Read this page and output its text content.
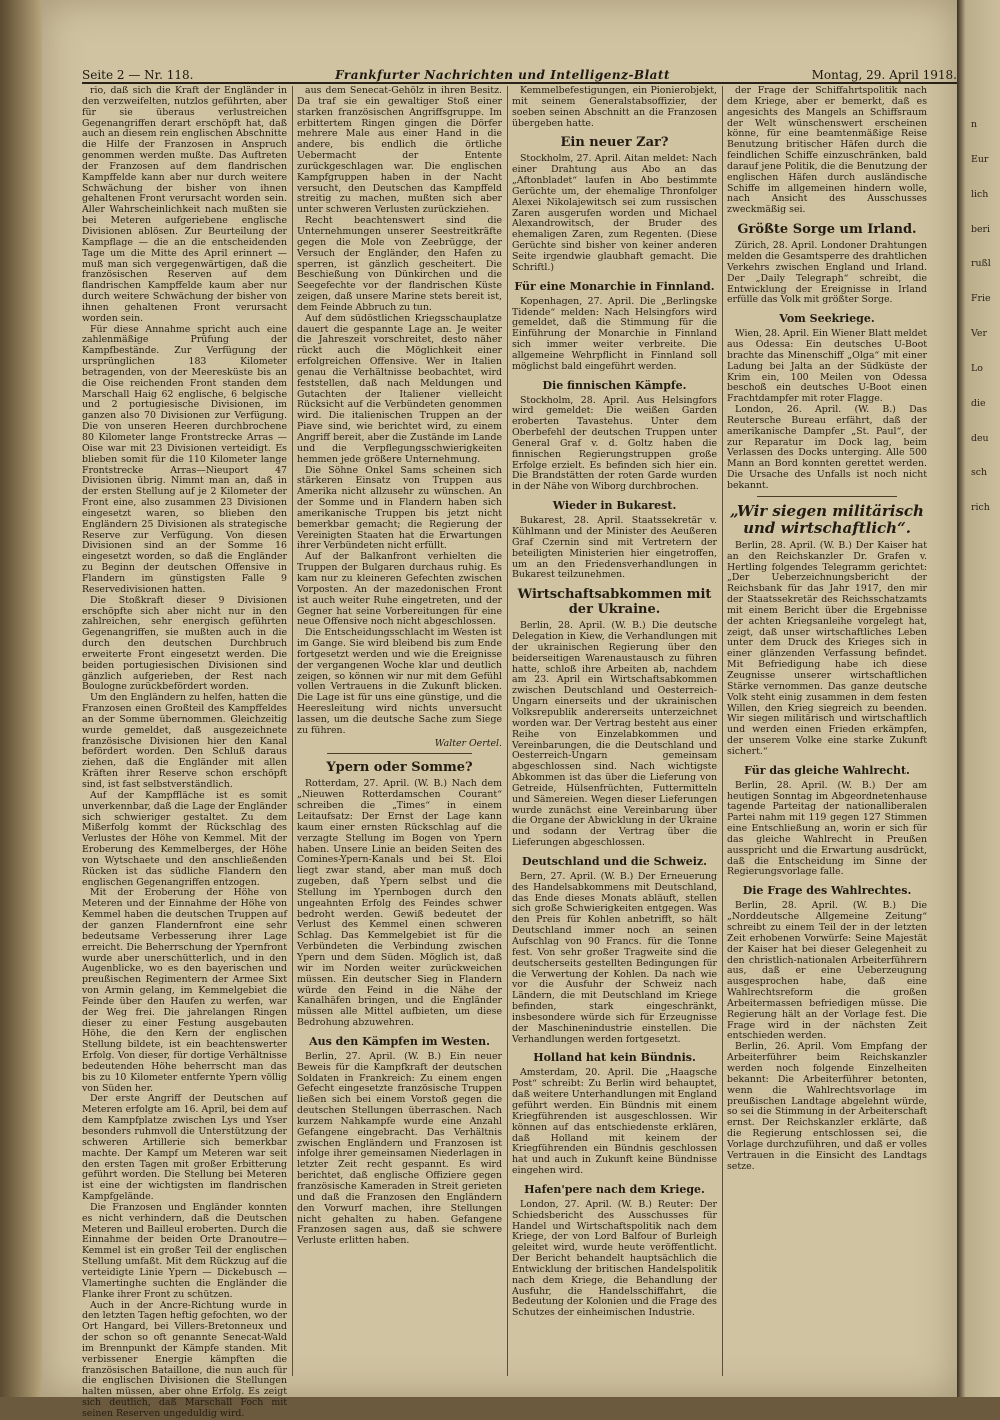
Seite 2 — Nr. 118.	Frankfurter Nachrichten und Intelligenz-Blatt	Montag, 29. April 1918.

rio, daß sich die Kraft der Engländer in den verzweifelten, nutzlos geführten, aber für sie überaus verlustreichen Gegenangriffen derart erschöpft hat, daß auch an diesem rein englischen Abschnitte die Hilfe der Franzosen in Anspruch genommen werden mußte. Das Auftreten der Franzosen auf dem flandrischen Kampffelde kann aber nur durch weitere Schwächung der bisher von ihnen gehaltenen Front verursacht worden sein. Aller Wahrscheinlichkeit nach mußten sie bei Meteren aufgeriebene englische Divisionen ablösen. Zur Beurteilung der Kampflage — die an die entscheidenden Tage um die Mitte des April erinnert — muß man sich vergegenwärtigen, daß die französischen Reserven auf dem flandrischen Kampffelde kaum aber nur durch weitere Schwächung der bisher von ihnen gehaltenen Front verursacht worden sein.

Für diese Annahme spricht auch eine zahlenmäßige Prüfung der Kampfbestände. Zur Verfügung der ursprünglichen 183 Kilometer betragenden, von der Meeresküste bis an die Oise reichenden Front standen dem Marschall Haig 62 englische, 6 belgische und 2 portugiesische Divisionen, im ganzen also 70 Divisionen zur Verfügung. Die von unseren Heeren durchbrochene 80 Kilometer lange Frontstrecke Arras — Oise war mit 23 Divisionen verteidigt. Es blieben somit für die 110 Kilometer lange Frontstrecke Arras—Nieuport 47 Divisionen übrig. Nimmt man an, daß in der ersten Stellung auf je 2 Kilometer der Front eine, also zusammen 23 Divisionen eingesetzt waren, so blieben den Engländern 25 Divisionen als strategische Reserve zur Verfügung. Von diesen Divisionen sind an der Somme 16 eingesetzt worden, so daß die Engländer zu Beginn der deutschen Offensive in Flandern im günstigsten Falle 9 Reservedivisionen hatten.

Die Stoßkraft dieser 9 Divisionen erschöpfte sich aber nicht nur in den zahlreichen, sehr energisch geführten Gegenangriffen, sie mußten auch in die durch den deutschen Durchbruch erweiterte Front eingesetzt werden. Die beiden portugiesischen Divisionen sind gänzlich aufgerieben, der Rest nach Boulogne zurückbefördert worden.

Um den Engländern zu helfen, hatten die Franzosen einen Großteil des Kampffeldes an der Somme übernommen. Gleichzeitig wurde gemeldet, daß ausgezeichnete französische Divisionen hier den Kanal befördert worden. Den Schluß daraus ziehen, daß die Engländer mit allen Kräften ihrer Reserve schon erschöpft sind, ist fast selbstverständlich.

Auf der Kampffläche ist es somit unverkennbar, daß die Lage der Engländer sich schwieriger gestaltet. Zu dem Mißerfolg kommt der Rückschlag des Verlustes der Höhe von Kemmel. Mit der Eroberung des Kemmelberges, der Höhe von Wytschaete und den anschließenden Rücken ist das südliche Flandern den englischen Gegenangriffen entzogen.

Mit der Eroberung der Höhe von Meteren und der Einnahme der Höhe von Kemmel haben die deutschen Truppen auf der ganzen Flandernfront eine sehr bedeutsame Verbesserung ihrer Lage erreicht. Die Beherrschung der Ypernfront wurde aber unerschütterlich, und in den Augenblicke, wo es den bayerischen und preußischen Regimentern der Armee Sixt von Armin gelang, im Kemmelgebiet die Feinde über den Haufen zu werfen, war der Weg frei. Die jahrelangen Ringen dieser zu einer Festung ausgebauten Höhe, die den Kern der englischen Stellung bildete, ist ein beachtenswerter Erfolg. Von dieser, für dortige Verhältnisse bedeutenden Höhe beherrscht man das bis zu 10 Kilometer entfernte Ypern völlig von Süden her.

Der erste Angriff der Deutschen auf Meteren erfolgte am 16. April, bei dem auf dem Kampfplatze zwischen Lys und Yser besonders ruhmvoll die Unterstützung der schweren Artillerie sich bemerkbar machte. Der Kampf um Meteren war seit den ersten Tagen mit großer Erbitterung geführt worden. Die Stellung bei Meteren ist eine der wichtigsten im flandrischen Kampfgelände.

Die Franzosen und Engländer konnten es nicht verhindern, daß die Deutschen Meteren und Bailleul eroberten. Durch die Einnahme der beiden Orte Dranoutre—Kemmel ist ein großer Teil der englischen Stellung umfaßt. Mit dem Rückzug auf die verteidigte Linie Ypern — Dickebusch — Vlamertinghe suchten die Engländer die Flanke ihrer Front zu schützen.

Auch in der Ancre-Richtung wurde in den letzten Tagen heftig gefochten, wo der Ort Hangard, bei Villers-Bretonneux und der schon so oft genannte Senecat-Wald im Brennpunkt der Kämpfe standen. Mit verbissener Energie kämpften die französischen Bataillone, die nun auch für die englischen Divisionen die Stellungen halten müssen, aber ohne Erfolg. Es zeigt sich deutlich, daß Marschall Foch mit seinen Reserven ungeduldig wird.

aus dem Senecat-Gehölz in ihren Besitz. Da traf sie ein gewaltiger Stoß einer starken französischen Angriffsgruppe. Im erbittertem Ringen gingen die Dörfer mehrere Male aus einer Hand in die andere, bis endlich die örtliche Uebermacht der Entente zurückgeschlagen war. Die englischen Kampfgruppen haben in der Nacht versucht, den Deutschen das Kampffeld streitig zu machen, mußten sich aber unter schweren Verlusten zurückziehen.

Recht beachtenswert sind die Unternehmungen unserer Seestreitkräfte gegen die Mole von Zeebrügge, der Versuch der Engländer, den Hafen zu sperren, ist gänzlich gescheitert. Die Beschießung von Dünkirchen und die Seegefechte vor der flandrischen Küste zeigen, daß unsere Marine stets bereit ist, dem Feinde Abbruch zu tun.

Auf dem südöstlichen Kriegsschauplatze dauert die gespannte Lage an. Je weiter die Jahreszeit vorschreitet, desto näher rückt auch die Möglichkeit einer erfolgreichen Offensive. Wer in Italien genau die Verhältnisse beobachtet, wird feststellen, daß nach Meldungen und Gutachten der Italiener vielleicht Rücksicht auf die Verbündeten genommen wird. Die italienischen Truppen an der Piave sind, wie berichtet wird, zu einem Angriff bereit, aber die Zustände im Lande und die Verpflegungsschwierigkeiten hemmen jede größere Unternehmung.

Die Söhne Onkel Sams scheinen sich stärkeren Einsatz von Truppen aus Amerika nicht allzusehr zu wünschen. An der Somme und in Flandern haben sich amerikanische Truppen bis jetzt nicht bemerkbar gemacht; die Regierung der Vereinigten Staaten hat die Erwartungen ihrer Verbündeten nicht erfüllt.

Auf der Balkanfront verhielten die Truppen der Bulgaren durchaus ruhig. Es kam nur zu kleineren Gefechten zwischen Vorposten. An der mazedonischen Front ist auch weiter Ruhe eingetreten, und der Gegner hat seine Vorbereitungen für eine neue Offensive noch nicht abgeschlossen.

Die Entscheidungsschlacht im Westen ist im Gange. Sie wird bleibend bis zum Ende fortgesetzt werden und wie die Ereignisse der vergangenen Woche klar und deutlich zeigen, so können wir nur mit dem Gefühl vollen Vertrauens in die Zukunft blicken. Die Lage ist für uns eine günstige, und die Heeresleitung wird nichts unversucht lassen, um die deutsche Sache zum Siege zu führen.

Walter Oertel.
Ypern oder Somme?

Rotterdam, 27. April. (W. B.) Nach dem „Nieuwen Rotterdamschen Courant“ schreiben die „Times“ in einem Leitaufsatz: Der Ernst der Lage kann kaum einer ernsten Rückschlag auf die verzagte Stellung im Bogen von Ypern haben. Unsere Linie an beiden Seiten des Comines-Ypern-Kanals und bei St. Eloi liegt zwar stand, aber man muß doch zugeben, daß Ypern selbst und die Stellung im Ypernbogen durch den ungeahnten Erfolg des Feindes schwer bedroht werden. Gewiß bedeutet der Verlust des Kemmel einen schweren Schlag. Das Kemmelgebiet ist für die Verbündeten die Verbindung zwischen Ypern und dem Süden. Möglich ist, daß wir im Norden weiter zurückweichen müssen. Ein deutscher Sieg in Flandern würde den Feind in die Nähe der Kanalhäfen bringen, und die Engländer müssen alle Mittel aufbieten, um diese Bedrohung abzuwehren.

Aus den Kämpfen im Westen.

Berlin, 27. April. (W. B.) Ein neuer Beweis für die Kampfkraft der deutschen Soldaten in Frankreich: Zu einem engen Gefecht eingesetzte französische Truppen ließen sich bei einem Vorstoß gegen die deutschen Stellungen überraschen. Nach kurzem Nahkampfe wurde eine Anzahl Gefangene eingebracht. Das Verhältnis zwischen Engländern und Franzosen ist infolge ihrer gemeinsamen Niederlagen in letzter Zeit recht gespannt. Es wird berichtet, daß englische Offiziere gegen französische Kameraden in Streit gerieten und daß die Franzosen den Engländern den Vorwurf machen, ihre Stellungen nicht gehalten zu haben. Gefangene Franzosen sagen aus, daß sie schwere Verluste erlitten haben.

Kemmelbefestigungen, ein Pionierobjekt, mit seinem Generalstabsoffizier, der soeben seinen Abschnitt an die Franzosen übergeben hatte.

Ein neuer Zar?

Stockholm, 27. April. Aitan meldet: Nach einer Drahtung aus Abo an das „Aftonbladet“ laufen in Abo bestimmte Gerüchte um, der ehemalige Thronfolger Alexei Nikolajewitsch sei zum russischen Zaren ausgerufen worden und Michael Alexandrowitsch, der Bruder des ehemaligen Zaren, zum Regenten. (Diese Gerüchte sind bisher von keiner anderen Seite irgendwie glaubhaft gemacht. Die Schriftl.)

Für eine Monarchie in Finnland.

Kopenhagen, 27. April. Die „Berlingske Tidende“ melden: Nach Helsingfors wird gemeldet, daß die Stimmung für die Einführung der Monarchie in Finnland sich immer weiter verbreite. Die allgemeine Wehrpflicht in Finnland soll möglichst bald eingeführt werden.

Die finnischen Kämpfe.

Stockholm, 28. April. Aus Helsingfors wird gemeldet: Die weißen Garden eroberten Tavastehus. Unter dem Oberbefehl der deutschen Truppen unter General Graf v. d. Goltz haben die finnischen Regierungstruppen große Erfolge erzielt. Es befinden sich hier ein. Die Brandstätten der roten Garde wurden in der Nähe von Wiborg durchbrochen.

Wieder in Bukarest.

Bukarest, 28. April. Staatssekretär v. Kühlmann und der Minister des Aeußeren Graf Czernin sind mit Vertretern der beteiligten Ministerien hier eingetroffen, um an den Friedensverhandlungen in Bukarest teilzunehmen.

Wirtschaftsabkommen mit der Ukraine.

Berlin, 28. April. (W. B.) Die deutsche Delegation in Kiew, die Verhandlungen mit der ukrainischen Regierung über den beiderseitigen Warenaustausch zu führen hatte, schloß ihre Arbeiten ab, nachdem am 23. April ein Wirtschaftsabkommen zwischen Deutschland und Oesterreich-Ungarn einerseits und der ukrainischen Volksrepublik andererseits unterzeichnet worden war. Der Vertrag besteht aus einer Reihe von Einzelabkommen und Vereinbarungen, die die Deutschland und Oesterreich-Ungarn gemeinsam abgeschlossen sind. Nach wichtigste Abkommen ist das über die Lieferung von Getreide, Hülsenfrüchten, Futtermitteln und Sämereien. Wegen dieser Lieferungen wurde zunächst eine Vereinbarung über die Organe der Abwicklung in der Ukraine und sodann der Vertrag über die Lieferungen abgeschlossen.

Deutschland und die Schweiz.

Bern, 27. April. (W. B.) Der Erneuerung des Handelsabkommens mit Deutschland, das Ende dieses Monats abläuft, stellen sich große Schwierigkeiten entgegen. Was den Preis für Kohlen anbetrifft, so hält Deutschland immer noch an seinen Aufschlag von 90 Francs. für die Tonne fest. Von sehr großer Tragweite sind die deutscherseits gestellten Bedingungen für die Verwertung der Kohlen. Da nach wie vor die Ausfuhr der Schweiz nach Ländern, die mit Deutschland im Kriege befinden, stark eingeschränkt, insbesondere würde sich für Erzeugnisse der Maschinenindustrie einstellen. Die Verhandlungen werden fortgesetzt.

Holland hat kein Bündnis.

Amsterdam, 20. April. Die „Haagsche Post“ schreibt: Zu Berlin wird behauptet, daß weitere Unterhandlungen mit England geführt werden. Ein Bündnis mit einem Kriegführenden ist ausgeschlossen. Wir können auf das entschiedenste erklären, daß Holland mit keinem der Kriegführenden ein Bündnis geschlossen hat und auch in Zukunft keine Bündnisse eingehen wird.

Hafen'pere nach dem Kriege.

London, 27. April. (W. B.) Reuter: Der Schiedsbericht des Ausschusses für Handel und Wirtschaftspolitik nach dem Kriege, der von Lord Balfour of Burleigh geleitet wird, wurde heute veröffentlicht. Der Bericht behandelt hauptsächlich die Entwicklung der britischen Handelspolitik nach dem Kriege, die Behandlung der Ausfuhr, die Handelsschiffahrt, die Bedeutung der Kolonien und die Frage des Schutzes der einheimischen Industrie.

der Frage der Schiffahrtspolitik nach dem Kriege, aber er bemerkt, daß es angesichts des Mangels an Schiffsraum der Welt wünschenswert erscheinen könne, für eine beamtenmäßige Reise Benutzung britischer Häfen durch die feindlichen Schiffe einzuschränken, bald darauf jene Politik, die die Benutzung der englischen Häfen durch ausländische Schiffe im allgemeinen hindern wolle, nach Ansicht des Ausschusses zweckmäßig sei.

Größte Sorge um Irland.

Zürich, 28. April. Londoner Drahtungen melden die Gesamtsperre des drahtlichen Verkehrs zwischen England und Irland. Der „Daily Telegraph“ schreibt, die Entwicklung der Ereignisse in Irland erfülle das Volk mit größter Sorge.

Vom Seekriege.

Wien, 28. April. Ein Wiener Blatt meldet aus Odessa: Ein deutsches U-Boot brachte das Minenschiff „Olga“ mit einer Ladung bei Jalta an der Südküste der Krim ein, 100 Meilen von Odessa beschoß ein deutsches U-Boot einen Frachtdampfer mit roter Flagge.

London, 26. April. (W. B.) Das Reutersche Bureau erfährt, daß der amerikanische Dampfer „St. Paul“, der zur Reparatur im Dock lag, beim Verlassen des Docks unterging. Alle 500 Mann an Bord konnten gerettet werden. Die Ursache des Unfalls ist noch nicht bekannt.

„Wir siegen militärisch und wirtschaftlich“.

Berlin, 28. April. (W. B.) Der Kaiser hat an den Reichskanzler Dr. Grafen v. Hertling folgendes Telegramm gerichtet: „Der Ueberzeichnungsbericht der Reichsbank für das Jahr 1917, den mir der Staatssekretär des Reichsschatzamts mit einem Bericht über die Ergebnisse der achten Kriegsanleihe vorgelegt hat, zeigt, daß unser wirtschaftliches Leben unter dem Druck des Krieges sich in einer glänzenden Verfassung befindet. Mit Befriedigung habe ich diese Zeugnisse unserer wirtschaftlichen Stärke vernommen. Das ganze deutsche Volk steht einig zusammen in dem festen Willen, den Krieg siegreich zu beenden. Wir siegen militärisch und wirtschaftlich und werden einen Frieden erkämpfen, der unserem Volke eine starke Zukunft sichert.“

Für das gleiche Wahlrecht.

Berlin, 28. April. (W. B.) Der am heutigen Sonntag im Abgeordnetenhause tagende Parteitag der nationalliberalen Partei nahm mit 119 gegen 127 Stimmen eine Entschließung an, worin er sich für das gleiche Wahlrecht in Preußen ausspricht und die Erwartung ausdrückt, daß die Entscheidung im Sinne der Regierungsvorlage falle.

Die Frage des Wahlrechtes.

Berlin, 28. April. (W. B.) Die „Norddeutsche Allgemeine Zeitung“ schreibt zu einem Teil der in der letzten Zeit erhobenen Vorwürfe: Seine Majestät der Kaiser hat bei dieser Gelegenheit zu den christlich-nationalen Arbeiterführern aus, daß er eine Ueberzeugung ausgesprochen habe, daß eine Wahlrechtsreform die großen Arbeitermassen befriedigen müsse. Die Regierung hält an der Vorlage fest. Die Frage wird in der nächsten Zeit entschieden werden.

Berlin, 26. April. Vom Empfang der Arbeiterführer beim Reichskanzler werden noch folgende Einzelheiten bekannt: Die Arbeiterführer betonten, wenn die Wahlrechtsvorlage im preußischen Landtage abgelehnt würde, so sei die Stimmung in der Arbeiterschaft ernst. Der Reichskanzler erklärte, daß die Regierung entschlossen sei, die Vorlage durchzuführen, und daß er volles Vertrauen in die Einsicht des Landtags setze.

n
Eur
lich
beri
rußl
Frie
Ver
Lo
die
deu
sch
rich
